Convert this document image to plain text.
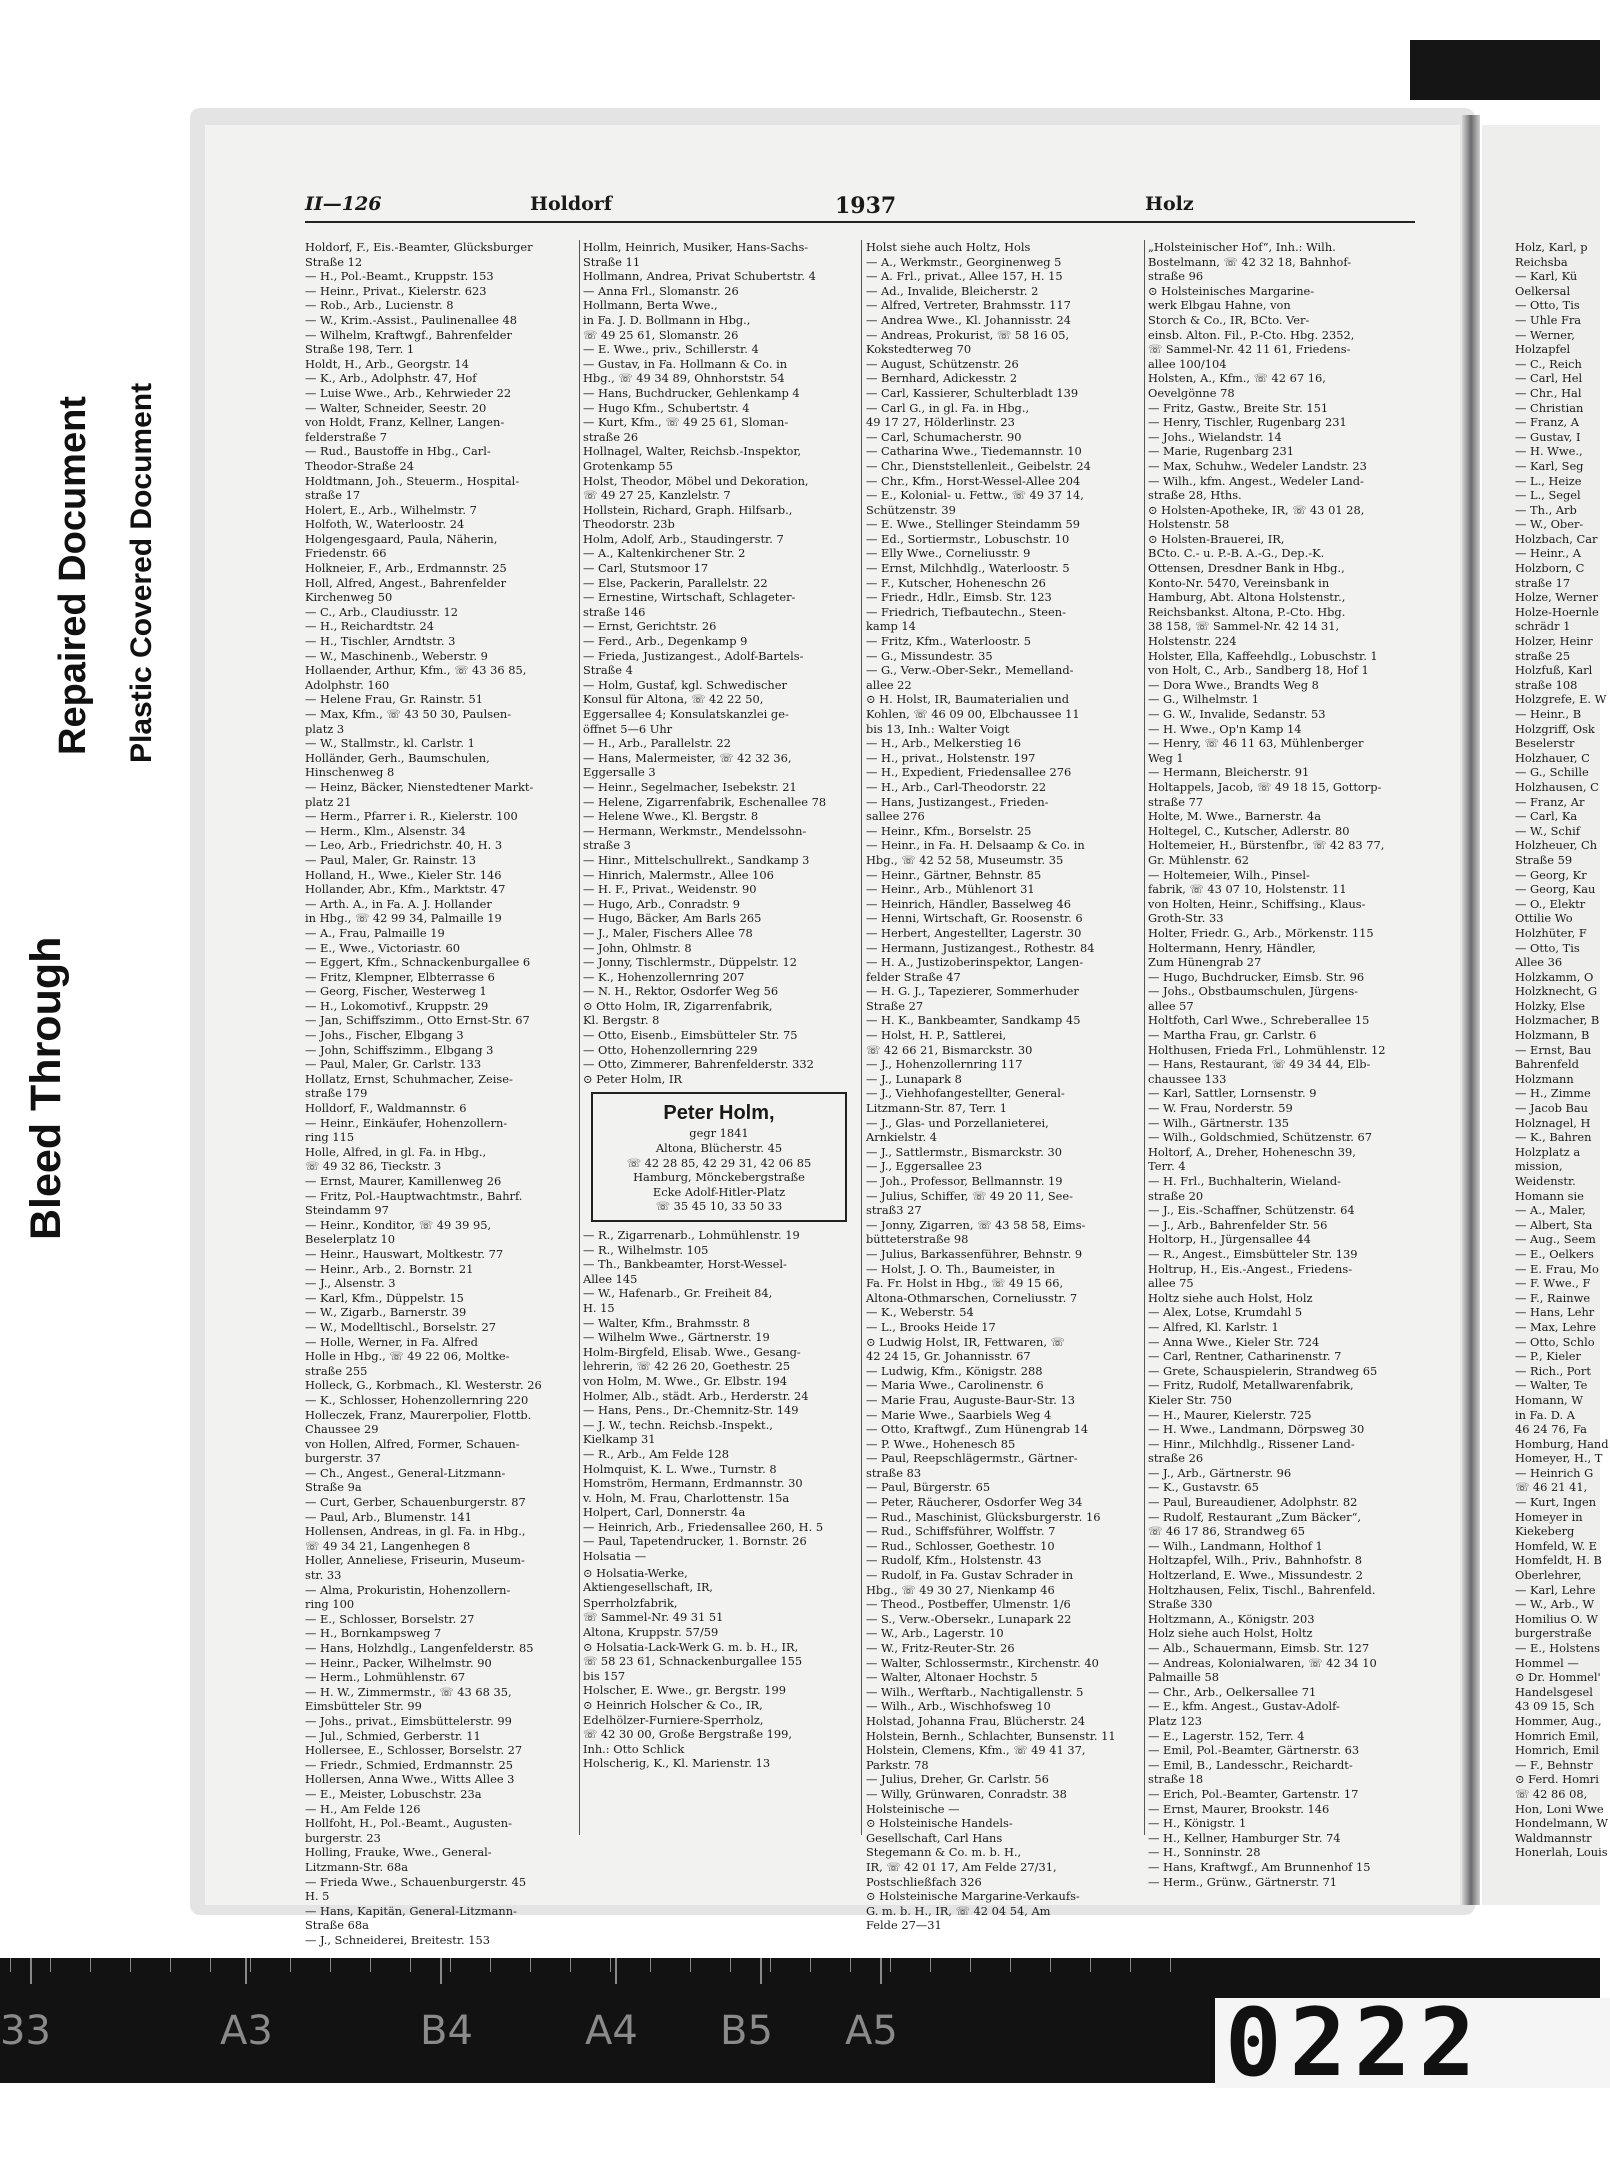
Bleed Through
Repaired Document Plastic Covered Document
II—126	Holdorf	1937	Holz

Holdorf, F., Eis.-Beamter, Glücksburger

Straße 12

— H., Pol.-Beamt., Kruppstr. 153

— Heinr., Privat., Kielerstr. 623

— Rob., Arb., Lucienstr. 8

— W., Krim.-Assist., Paulinenallee 48

— Wilhelm, Kraftwgf., Bahrenfelder

Straße 198, Terr. 1

Holdt, H., Arb., Georgstr. 14

— K., Arb., Adolphstr. 47, Hof

— Luise Wwe., Arb., Kehrwieder 22

— Walter, Schneider, Seestr. 20

von Holdt, Franz, Kellner, Langen-

felderstraße 7

— Rud., Baustoffe in Hbg., Carl-

Theodor-Straße 24

Holdtmann, Joh., Steuerm., Hospital-

straße 17

Holert, E., Arb., Wilhelmstr. 7

Holfoth, W., Waterloostr. 24

Holgengesgaard, Paula, Näherin,

Friedenstr. 66

Holkneier, F., Arb., Erdmannstr. 25

Holl, Alfred, Angest., Bahrenfelder

Kirchenweg 50

— C., Arb., Claudiusstr. 12

— H., Reichardtstr. 24

— H., Tischler, Arndtstr. 3

— W., Maschinenb., Weberstr. 9

Hollaender, Arthur, Kfm., ☏ 43 36 85,

Adolphstr. 160

— Helene Frau, Gr. Rainstr. 51

— Max, Kfm., ☏ 43 50 30, Paulsen-

platz 3

— W., Stallmstr., kl. Carlstr. 1

Holländer, Gerh., Baumschulen,

Hinschenweg 8

— Heinz, Bäcker, Nienstedtener Markt-

platz 21

— Herm., Pfarrer i. R., Kielerstr. 100

— Herm., Klm., Alsenstr. 34

— Leo, Arb., Friedrichstr. 40, H. 3

— Paul, Maler, Gr. Rainstr. 13

Holland, H., Wwe., Kieler Str. 146

Hollander, Abr., Kfm., Marktstr. 47

— Arth. A., in Fa. A. J. Hollander

in Hbg., ☏ 42 99 34, Palmaille 19

— A., Frau, Palmaille 19

— E., Wwe., Victoriastr. 60

— Eggert, Kfm., Schnackenburgallee 6

— Fritz, Klempner, Elbterrasse 6

— Georg, Fischer, Westerweg 1

— H., Lokomotivf., Kruppstr. 29

— Jan, Schiffszimm., Otto Ernst-Str. 67

— Johs., Fischer, Elbgang 3

— John, Schiffszimm., Elbgang 3

— Paul, Maler, Gr. Carlstr. 133

Hollatz, Ernst, Schuhmacher, Zeise-

straße 179

Holldorf, F., Waldmannstr. 6

— Heinr., Einkäufer, Hohenzollern-

ring 115

Holle, Alfred, in gl. Fa. in Hbg.,

☏ 49 32 86, Tieckstr. 3

— Ernst, Maurer, Kamillenweg 26

— Fritz, Pol.-Hauptwachtmstr., Bahrf.

Steindamm 97

— Heinr., Konditor, ☏ 49 39 95,

Beselerplatz 10

— Heinr., Hauswart, Moltkestr. 77

— Heinr., Arb., 2. Bornstr. 21

— J., Alsenstr. 3

— Karl, Kfm., Düppelstr. 15

— W., Zigarb., Barnerstr. 39

— W., Modelltischl., Borselstr. 27

— Holle, Werner, in Fa. Alfred

Holle in Hbg., ☏ 49 22 06, Moltke-

straße 255

Holleck, G., Korbmach., Kl. Westerstr. 26

— K., Schlosser, Hohenzollernring 220

Holleczek, Franz, Maurerpolier, Flottb.

Chaussee 29

von Hollen, Alfred, Former, Schauen-

burgerstr. 37

— Ch., Angest., General-Litzmann-

Straße 9a

— Curt, Gerber, Schauenburgerstr. 87

— Paul, Arb., Blumenstr. 141

Hollensen, Andreas, in gl. Fa. in Hbg.,

☏ 49 34 21, Langenhegen 8

Holler, Anneliese, Friseurin, Museum-

str. 33

— Alma, Prokuristin, Hohenzollern-

ring 100

— E., Schlosser, Borselstr. 27

— H., Bornkampsweg 7

— Hans, Holzhdlg., Langenfelderstr. 85

— Heinr., Packer, Wilhelmstr. 90

— Herm., Lohmühlenstr. 67

— H. W., Zimmermstr., ☏ 43 68 35,

Eimsbütteler Str. 99

— Johs., privat., Eimsbüttelerstr. 99

— Jul., Schmied, Gerberstr. 11

Hollersee, E., Schlosser, Borselstr. 27

— Friedr., Schmied, Erdmannstr. 25

Hollersen, Anna Wwe., Witts Allee 3

— E., Meister, Lobuschstr. 23a

— H., Am Felde 126

Hollfoht, H., Pol.-Beamt., Augusten-

burgerstr. 23

Holling, Frauke, Wwe., General-

Litzmann-Str. 68a

— Frieda Wwe., Schauenburgerstr. 45

H. 5

— Hans, Kapitän, General-Litzmann-

Straße 68a

— J., Schneiderei, Breitestr. 153

Hollm, Heinrich, Musiker, Hans-Sachs-

Straße 11

Hollmann, Andrea, Privat Schubertstr. 4

— Anna Frl., Slomanstr. 26

Hollmann, Berta Wwe.,

in Fa. J. D. Bollmann in Hbg.,

☏ 49 25 61, Slomanstr. 26

— E. Wwe., priv., Schillerstr. 4

— Gustav, in Fa. Hollmann & Co. in

Hbg., ☏ 49 34 89, Ohnhorststr. 54

— Hans, Buchdrucker, Gehlenkamp 4

— Hugo Kfm., Schubertstr. 4

— Kurt, Kfm., ☏ 49 25 61, Sloman-

straße 26

Hollnagel, Walter, Reichsb.-Inspektor,

Grotenkamp 55

Holst, Theodor, Möbel und Dekoration,

☏ 49 27 25, Kanzlelstr. 7

Hollstein, Richard, Graph. Hilfsarb.,

Theodorstr. 23b

Holm, Adolf, Arb., Staudingerstr. 7

— A., Kaltenkirchener Str. 2

— Carl, Stutsmoor 17

— Else, Packerin, Parallelstr. 22

— Ernestine, Wirtschaft, Schlageter-

straße 146

— Ernst, Gerichtstr. 26

— Ferd., Arb., Degenkamp 9

— Frieda, Justizangest., Adolf-Bartels-

Straße 4

— Holm, Gustaf, kgl. Schwedischer

Konsul für Altona, ☏ 42 22 50,

Eggersallee 4; Konsulatskanzlei ge-

öffnet 5—6 Uhr

— H., Arb., Parallelstr. 22

— Hans, Malermeister, ☏ 42 32 36,

Eggersalle 3

— Heinr., Segelmacher, Isebekstr. 21

— Helene, Zigarrenfabrik, Eschenallee 78

— Helene Wwe., Kl. Bergstr. 8

— Hermann, Werkmstr., Mendelssohn-

straße 3

— Hinr., Mittelschullrekt., Sandkamp 3

— Hinrich, Malermstr., Allee 106

— H. F., Privat., Weidenstr. 90

— Hugo, Arb., Conradstr. 9

— Hugo, Bäcker, Am Barls 265

— J., Maler, Fischers Allee 78

— John, Ohlmstr. 8

— Jonny, Tischlermstr., Düppelstr. 12

— K., Hohenzollernring 207

— N. H., Rektor, Osdorfer Weg 56

⊙ Otto Holm, IR, Zigarrenfabrik,

Kl. Bergstr. 8

— Otto, Eisenb., Eimsbütteler Str. 75

— Otto, Hohenzollernring 229

— Otto, Zimmerer, Bahrenfelderstr. 332

⊙ Peter Holm, IR

Peter Holm,

gegr 1841

Altona, Blücherstr. 45

☏ 42 28 85, 42 29 31, 42 06 85

Hamburg, Mönckebergstraße

Ecke Adolf-Hitler-Platz

☏ 35 45 10, 33 50 33

— R., Zigarrenarb., Lohmühlenstr. 19

— R., Wilhelmstr. 105

— Th., Bankbeamter, Horst-Wessel-

Allee 145

— W., Hafenarb., Gr. Freiheit 84,

H. 15

— Walter, Kfm., Brahmsstr. 8

— Wilhelm Wwe., Gärtnerstr. 19

Holm-Birgfeld, Elisab. Wwe., Gesang-

lehrerin, ☏ 42 26 20, Goethestr. 25

von Holm, M. Wwe., Gr. Elbstr. 194

Holmer, Alb., städt. Arb., Herderstr. 24

— Hans, Pens., Dr.-Chemnitz-Str. 149

— J. W., techn. Reichsb.-Inspekt.,

Kielkamp 31

— R., Arb., Am Felde 128

Holmquist, K. L. Wwe., Turnstr. 8

Homström, Hermann, Erdmannstr. 30

v. Holn, M. Frau, Charlottenstr. 15a

Holpert, Carl, Donnerstr. 4a

— Heinrich, Arb., Friedensallee 260, H. 5

— Paul, Tapetendrucker, 1. Bornstr. 26

Holsatia —

⊙ Holsatia-Werke,
Aktiengesellschaft, IR,

Sperrholzfabrik,

☏ Sammel-Nr. 49 31 51

Altona, Kruppstr. 57/59

⊙ Holsatia-Lack-Werk G. m. b. H., IR,

☏ 58 23 61, Schnackenburgallee 155

bis 157

Holscher, E. Wwe., gr. Bergstr. 199

⊙ Heinrich Holscher & Co., IR,

Edelhölzer-Furniere-Sperrholz,

☏ 42 30 00, Große Bergstraße 199,

Inh.: Otto Schlick

Holscherig, K., Kl. Marienstr. 13

Holst siehe auch Holtz, Hols

— A., Werkmstr., Georginenweg 5

— A. Frl., privat., Allee 157, H. 15

— Ad., Invalide, Bleicherstr. 2

— Alfred, Vertreter, Brahmsstr. 117

— Andrea Wwe., Kl. Johannisstr. 24

— Andreas, Prokurist, ☏ 58 16 05,

Kokstedterweg 70

— August, Schützenstr. 26

— Bernhard, Adickesstr. 2

— Carl, Kassierer, Schulterbladt 139

— Carl G., in gl. Fa. in Hbg.,

49 17 27, Hölderlinstr. 23

— Carl, Schumacherstr. 90

— Catharina Wwe., Tiedemannstr. 10

— Chr., Dienststellenleit., Geibelstr. 24

— Chr., Kfm., Horst-Wessel-Allee 204

— E., Kolonial- u. Fettw., ☏ 49 37 14,

Schützenstr. 39

— E. Wwe., Stellinger Steindamm 59

— Ed., Sortiermstr., Lobuschstr. 10

— Elly Wwe., Corneliusstr. 9

— Ernst, Milchhdlg., Waterloostr. 5

— F., Kutscher, Hoheneschn 26

— Friedr., Hdlr., Eimsb. Str. 123

— Friedrich, Tiefbautechn., Steen-

kamp 14

— Fritz, Kfm., Waterloostr. 5

— G., Missundestr. 35

— G., Verw.-Ober-Sekr., Memelland-

allee 22

⊙ H. Holst, IR, Baumaterialien und

Kohlen, ☏ 46 09 00, Elbchaussee 11

bis 13, Inh.: Walter Voigt

— H., Arb., Melkerstieg 16

— H., privat., Holstenstr. 197

— H., Expedient, Friedensallee 276

— H., Arb., Carl-Theodorstr. 22

— Hans, Justizangest., Frieden-

sallee 276

— Heinr., Kfm., Borselstr. 25

— Heinr., in Fa. H. Delsaamp & Co. in

Hbg., ☏ 42 52 58, Museumstr. 35

— Heinr., Gärtner, Behnstr. 85

— Heinr., Arb., Mühlenort 31

— Heinrich, Händler, Basselweg 46

— Henni, Wirtschaft, Gr. Roosenstr. 6

— Herbert, Angestellter, Lagerstr. 30

— Hermann, Justizangest., Rothestr. 84

— H. A., Justizoberinspektor, Langen-

felder Straße 47

— H. G. J., Tapezierer, Sommerhuder

Straße 27

— H. K., Bankbeamter, Sandkamp 45

— Holst, H. P., Sattlerei,

☏ 42 66 21, Bismarckstr. 30

— J., Hohenzollernring 117

— J., Lunapark 8

— J., Viehhofangestellter, General-

Litzmann-Str. 87, Terr. 1

— J., Glas- und Porzellanieterei,

Arnkielstr. 4

— J., Sattlermstr., Bismarckstr. 30

— J., Eggersallee 23

— Joh., Professor, Bellmannstr. 19

— Julius, Schiffer, ☏ 49 20 11, See-

straß3 27

— Jonny, Zigarren, ☏ 43 58 58, Eims-

bütteterstraße 98

— Julius, Barkassenführer, Behnstr. 9

— Holst, J. O. Th., Baumeister, in

Fa. Fr. Holst in Hbg., ☏ 49 15 66,

Altona-Othmarschen, Corneliusstr. 7

— K., Weberstr. 54

— L., Brooks Heide 17

⊙ Ludwig Holst, IR, Fettwaren, ☏

42 24 15, Gr. Johannisstr. 67

— Ludwig, Kfm., Königstr. 288

— Maria Wwe., Carolinenstr. 6

— Marie Frau, Auguste-Baur-Str. 13

— Marie Wwe., Saarbiels Weg 4

— Otto, Kraftwgf., Zum Hünengrab 14

— P. Wwe., Hohenesch 85

— Paul, Reepschlägermstr., Gärtner-

straße 83

— Paul, Bürgerstr. 65

— Peter, Räucherer, Osdorfer Weg 34

— Rud., Maschinist, Glücksburgerstr. 16

— Rud., Schiffsführer, Wolffstr. 7

— Rud., Schlosser, Goethestr. 10

— Rudolf, Kfm., Holstenstr. 43

— Rudolf, in Fa. Gustav Schrader in

Hbg., ☏ 49 30 27, Nienkamp 46

— Theod., Postbeffer, Ulmenstr. 1/6

— S., Verw.-Obersekr., Lunapark 22

— W., Arb., Lagerstr. 10

— W., Fritz-Reuter-Str. 26

— Walter, Schlossermstr., Kirchenstr. 40

— Walter, Altonaer Hochstr. 5

— Wilh., Werftarb., Nachtigallenstr. 5

— Wilh., Arb., Wischhofsweg 10

Holstad, Johanna Frau, Blücherstr. 24

Holstein, Bernh., Schlachter, Bunsenstr. 11

Holstein, Clemens, Kfm., ☏ 49 41 37,

Parkstr. 78

— Julius, Dreher, Gr. Carlstr. 56

— Willy, Grünwaren, Conradstr. 38

Holsteinische —

⊙ Holsteinische Handels-

Gesellschaft, Carl Hans

Stegemann & Co. m. b. H.,

IR, ☏ 42 01 17, Am Felde 27/31,

Postschließfach 326

⊙ Holsteinische Margarine-Verkaufs-

G. m. b. H., IR, ☏ 42 04 54, Am

Felde 27—31

„Holsteinischer Hof“, Inh.: Wilh.

Bostelmann, ☏ 42 32 18, Bahnhof-

straße 96

⊙ Holsteinisches Margarine-

werk Elbgau Hahne, von

Storch & Co., IR, BCto. Ver-

einsb. Alton. Fil., P.-Cto. Hbg. 2352,

☏ Sammel-Nr. 42 11 61, Friedens-

allee 100/104

Holsten, A., Kfm., ☏ 42 67 16,

Oevelgönne 78

— Fritz, Gastw., Breite Str. 151

— Henry, Tischler, Rugenbarg 231

— Johs., Wielandstr. 14

— Marie, Rugenbarg 231

— Max, Schuhw., Wedeler Landstr. 23

— Wilh., kfm. Angest., Wedeler Land-

straße 28, Hths.

⊙ Holsten-Apotheke, IR, ☏ 43 01 28,

Holstenstr. 58

⊙ Holsten-Brauerei, IR,

BCto. C.- u. P.-B. A.-G., Dep.-K.

Ottensen, Dresdner Bank in Hbg.,

Konto-Nr. 5470, Vereinsbank in

Hamburg, Abt. Altona Holstenstr.,

Reichsbankst. Altona, P.-Cto. Hbg.

38 158, ☏ Sammel-Nr. 42 14 31,

Holstenstr. 224

Holster, Ella, Kaffeehdlg., Lobuschstr. 1

von Holt, C., Arb., Sandberg 18, Hof 1

— Dora Wwe., Brandts Weg 8

— G., Wilhelmstr. 1

— G. W., Invalide, Sedanstr. 53

— H. Wwe., Op'n Kamp 14

— Henry, ☏ 46 11 63, Mühlenberger

Weg 1

— Hermann, Bleicherstr. 91

Holtappels, Jacob, ☏ 49 18 15, Gottorp-

straße 77

Holte, M. Wwe., Barnerstr. 4a

Holtegel, C., Kutscher, Adlerstr. 80

Holtemeier, H., Bürstenfbr., ☏ 42 83 77,

Gr. Mühlenstr. 62

— Holtemeier, Wilh., Pinsel-

fabrik, ☏ 43 07 10, Holstenstr. 11

von Holten, Heinr., Schiffsing., Klaus-

Groth-Str. 33

Holter, Friedr. G., Arb., Mörkenstr. 115

Holtermann, Henry, Händler,

Zum Hünengrab 27

— Hugo, Buchdrucker, Eimsb. Str. 96

— Johs., Obstbaumschulen, Jürgens-

allee 57

Holtfoth, Carl Wwe., Schreberallee 15

— Martha Frau, gr. Carlstr. 6

Holthusen, Frieda Frl., Lohmühlenstr. 12

— Hans, Restaurant, ☏ 49 34 44, Elb-

chaussee 133

— Karl, Sattler, Lornsenstr. 9

— W. Frau, Norderstr. 59

— Wilh., Gärtnerstr. 135

— Wilh., Goldschmied, Schützenstr. 67

Holtorf, A., Dreher, Hoheneschn 39,

Terr. 4

— H. Frl., Buchhalterin, Wieland-

straße 20

— J., Eis.-Schaffner, Schützenstr. 64

— J., Arb., Bahrenfelder Str. 56

Holtorp, H., Jürgensallee 44

— R., Angest., Eimsbütteler Str. 139

Holtrup, H., Eis.-Angest., Friedens-

allee 75

Holtz siehe auch Holst, Holz

— Alex, Lotse, Krumdahl 5

— Alfred, Kl. Karlstr. 1

— Anna Wwe., Kieler Str. 724

— Carl, Rentner, Catharinenstr. 7

— Grete, Schauspielerin, Strandweg 65

— Fritz, Rudolf, Metallwarenfabrik,

Kieler Str. 750

— H., Maurer, Kielerstr. 725

— H. Wwe., Landmann, Dörpsweg 30

— Hinr., Milchhdlg., Rissener Land-

straße 26

— J., Arb., Gärtnerstr. 96

— K., Gustavstr. 65

— Paul, Bureaudiener, Adolphstr. 82

— Rudolf, Restaurant „Zum Bäcker“,

☏ 46 17 86, Strandweg 65

— Wilh., Landmann, Holthof 1

Holtzapfel, Wilh., Priv., Bahnhofstr. 8

Holtzerland, E. Wwe., Missundestr. 2

Holtzhausen, Felix, Tischl., Bahrenfeld.

Straße 330

Holtzmann, A., Königstr. 203

Holz siehe auch Holst, Holtz

— Alb., Schauermann, Eimsb. Str. 127

— Andreas, Kolonialwaren, ☏ 42 34 10

Palmaille 58

— Chr., Arb., Oelkersallee 71

— E., kfm. Angest., Gustav-Adolf-

Platz 123

— E., Lagerstr. 152, Terr. 4

— Emil, Pol.-Beamter, Gärtnerstr. 63

— Emil, B., Landesschr., Reichardt-

straße 18

— Erich, Pol.-Beamter, Gartenstr. 17

— Ernst, Maurer, Brookstr. 146

— H., Königstr. 1

— H., Kellner, Hamburger Str. 74

— H., Sonninstr. 28

— Hans, Kraftwgf., Am Brunnenhof 15

— Herm., Grünw., Gärtnerstr. 71

Holz, Karl, p

Reichsba

— Karl, Kü

Oelkersal

— Otto, Tis

— Uhle Fra

— Werner,

Holzapfel

— C., Reich

— Carl, Hel

— Chr., Hal

— Christian

— Franz, A

— Gustav, I

— H. Wwe.,

— Karl, Seg

— L., Heize

— L., Segel

— Th., Arb

— W., Ober-

Holzbach, Car

— Heinr., A

Holzborn, C

straße 17

Holze, Werner

Holze-Hoernle

schrädr 1

Holzer, Heinr

straße 25

Holzfuß, Karl

straße 108

Holzgrefe, E. W

— Heinr., B

Holzgriff, Osk

Beselerstr

Holzhauer, C

— G., Schille

Holzhausen, C

— Franz, Ar

— Carl, Ka

— W., Schif

Holzheuer, Ch

Straße 59

— Georg, Kr

— Georg, Kau

— O., Elektr

Ottilie Wo

Holzhüter, F

— Otto, Tis

Allee 36

Holzkamm, O

Holzknecht, G

Holzky, Else

Holzmacher, B

Holzmann, B

— Ernst, Bau

Bahrenfeld

Holzmann

— H., Zimme

— Jacob Bau

Holznagel, H

— K., Bahren

Holzplatz a

mission,

Weidenstr.

Homann sie

— A., Maler,

— Albert, Sta

— Aug., Seem

— E., Oelkers

— E. Frau, Mo

— F. Wwe., F

— F., Rainwe

— Hans, Lehr

— Max, Lehre

— Otto, Schlo

— P., Kieler

— Rich., Port

— Walter, Te

Homann, W

in Fa. D. A

46 24 76, Fa

Homburg, Hand

Homeyer, H., T

— Heinrich G

☏ 46 21 41,

— Kurt, Ingen

Homeyer in

Kiekeberg

Homfeld, W. E

Homfeldt, H. B

Oberlehrer,

— Karl, Lehre

— W., Arb., W

Homilius O. W

burgerstraße

— E., Holstens

Hommel —

⊙ Dr. Hommel'

Handelsgesel

43 09 15, Sch

Hommer, Aug.,

Homrich Emil,

Homrich, Emil

— F., Behnstr

⊙ Ferd. Homri

☏ 42 86 08,

Hon, Loni Wwe

Hondelmann, W

Waldmannstr

Honerlah, Louis

33	A3	B4	A4 B5 A5	0222
